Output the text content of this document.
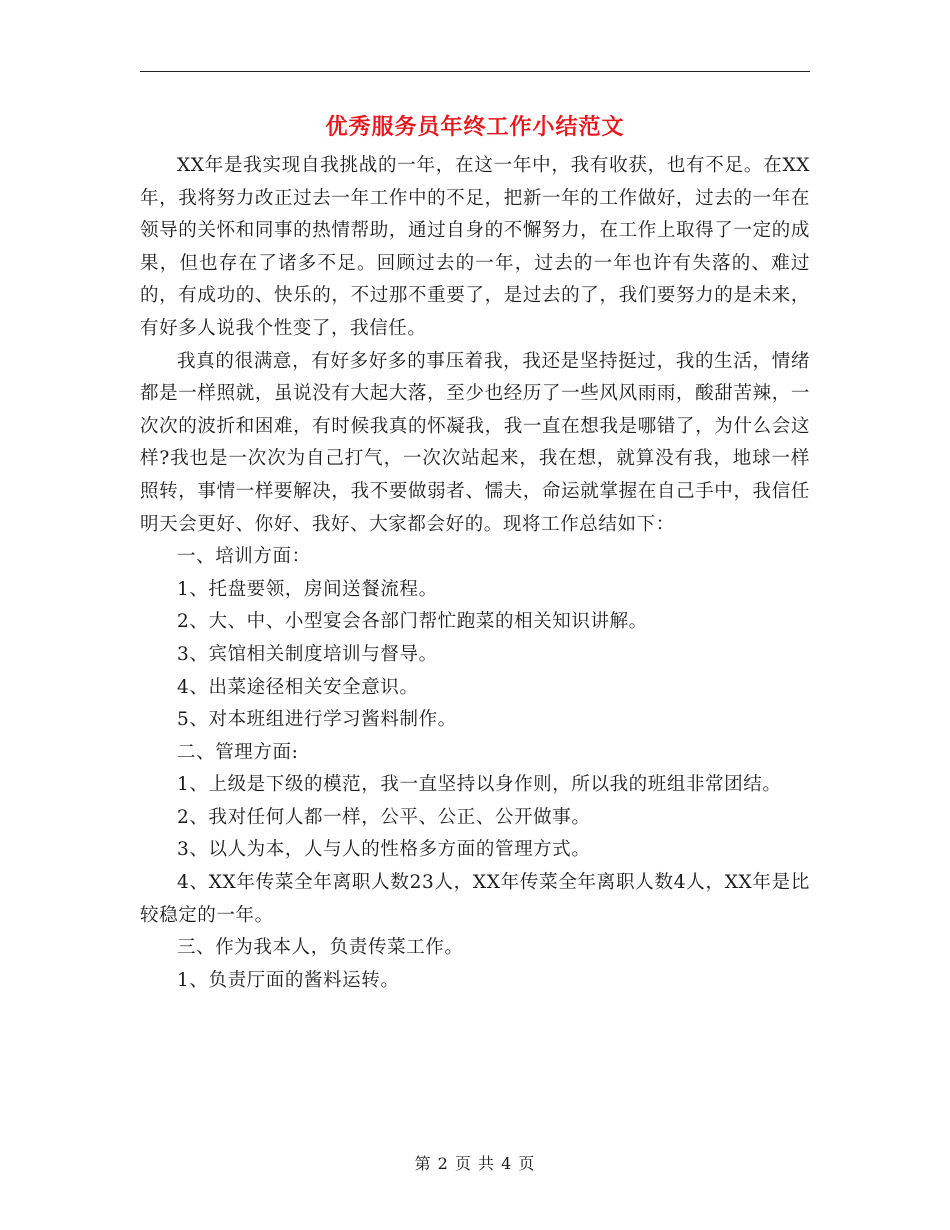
优秀服务员年终工作小结范文

XX年是我实现自我挑战的一年，在这一年中，我有收获，也有不足。在XX年，我将努力改正过去一年工作中的不足，把新一年的工作做好，过去的一年在领导的关怀和同事的热情帮助，通过自身的不懈努力，在工作上取得了一定的成果，但也存在了诸多不足。回顾过去的一年，过去的一年也许有失落的、难过的，有成功的、快乐的，不过那不重要了，是过去的了，我们要努力的是未来，有好多人说我个性变了，我信任。

我真的很满意，有好多好多的事压着我，我还是坚持挺过，我的生活，情绪都是一样照就，虽说没有大起大落，至少也经历了一些风风雨雨，酸甜苦辣，一次次的波折和困难，有时候我真的怀凝我，我一直在想我是哪错了，为什么会这样?我也是一次次为自己打气，一次次站起来，我在想，就算没有我，地球一样照转，事情一样要解决，我不要做弱者、懦夫，命运就掌握在自己手中，我信任明天会更好、你好、我好、大家都会好的。现将工作总结如下：

一、培训方面：

1、托盘要领，房间送餐流程。

2、大、中、小型宴会各部门帮忙跑菜的相关知识讲解。

3、宾馆相关制度培训与督导。

4、出菜途径相关安全意识。

5、对本班组进行学习酱料制作。

二、管理方面:

1、上级是下级的模范，我一直坚持以身作则，所以我的班组非常团结。

2、我对任何人都一样，公平、公正、公开做事。

3、以人为本，人与人的性格多方面的管理方式。

4、XX年传菜全年离职人数23人，XX年传菜全年离职人数4人，XX年是比较稳定的一年。

三、作为我本人，负责传菜工作。

1、负责厅面的酱料运转。

第 2 页 共 4 页
